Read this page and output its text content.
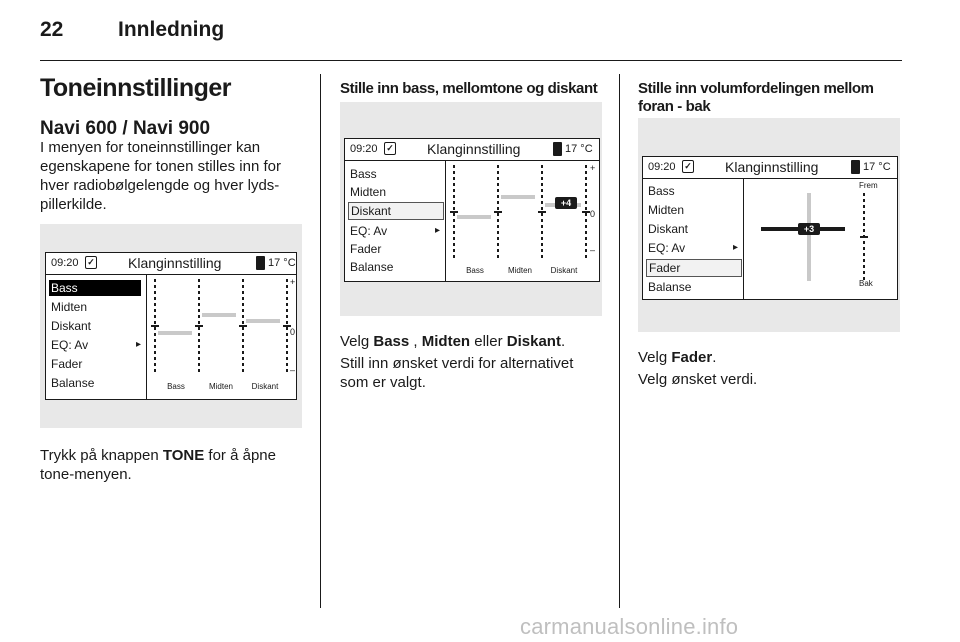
22	Innledning
Toneinnstillinger
Navi 600 / Navi 900
I menyen for toneinnstillinger kan
egenskapene for tonen stilles inn for
hver radiobølgelengde og hver lyds-
pillerkilde.
09:20 ✓ Klanginnstilling	17 °C
Bass
Midten
Diskant
EQ: Av	▸
Fader
Balanse
+
0
–
Bass	Midten	Diskant
Trykk på knappen TONE for å åpne
tone-menyen.
Stille inn bass, mellomtone og diskant
09:20 ✓ Klanginnstilling	17 °C
Bass
Midten
Diskant
EQ: Av	▸
Fader
Balanse
+4
+
0
–
Bass	Midten	Diskant
Velg Bass , Midten eller Diskant.
Still inn ønsket verdi for alternativet
som er valgt.
Stille inn volumfordelingen mellom
foran - bak
09:20 ✓ Klanginnstilling	17 °C
Bass
Midten
Diskant
EQ: Av	▸
Fader
Balanse
+3
Frem
Bak
Velg Fader.
Velg ønsket verdi.
carmanualsonline.info
